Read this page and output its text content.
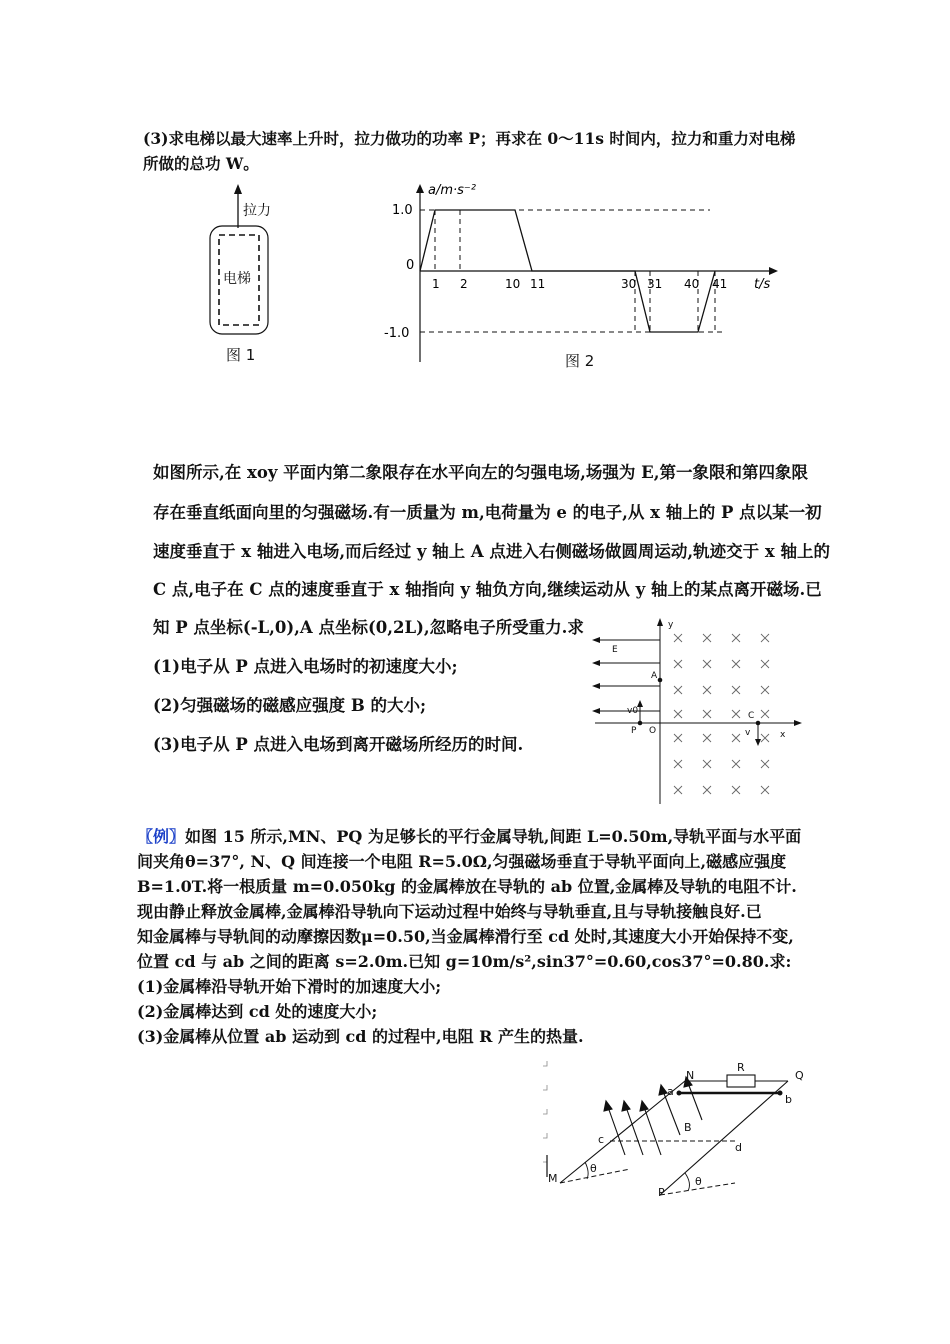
(3)求电梯以最大速率上升时，拉力做功的功率 P；再求在 0～11s 时间内，拉力和重力对电梯
所做的总功 W。
拉力
电梯
图 1
1.0
0
-1.0
1 2	10 11	30 31 40 41
a/m·s⁻²
t/s
图 2
如图所示,在 xoy 平面内第二象限存在水平向左的匀强电场,场强为 E,第一象限和第四象限
存在垂直纸面向里的匀强磁场.有一质量为 m,电荷量为 e 的电子,从 x 轴上的 P 点以某一初
速度垂直于 x 轴进入电场,而后经过 y 轴上 A 点进入右侧磁场做圆周运动,轨迹交于 x 轴上的
C 点,电子在 C 点的速度垂直于 x 轴指向 y 轴负方向,继续运动从 y 轴上的某点离开磁场.已
知 P 点坐标(-L,0),A 点坐标(0,2L),忽略电子所受重力.求
(1)电子从 P 点进入电场时的初速度大小;
(2)匀强磁场的磁感应强度 B 的大小;
(3)电子从 P 点进入电场到离开磁场所经历的时间.
y
x
E
A
C
P O
v0
v
〖例〗如图 15 所示,MN、PQ 为足够长的平行金属导轨,间距 L=0.50m,导轨平面与水平面
间夹角θ=37°, N、Q 间连接一个电阻 R=5.0Ω,匀强磁场垂直于导轨平面向上,磁感应强度
B=1.0T.将一根质量 m=0.050kg 的金属棒放在导轨的 ab 位置,金属棒及导轨的电阻不计.
现由静止释放金属棒,金属棒沿导轨向下运动过程中始终与导轨垂直,且与导轨接触良好.已
知金属棒与导轨间的动摩擦因数μ=0.50,当金属棒滑行至 cd 处时,其速度大小开始保持不变,
位置 cd 与 ab 之间的距离 s=2.0m.已知 g=10m/s²,sin37°=0.60,cos37°=0.80.求:
(1)金属棒沿导轨开始下滑时的加速度大小;
(2)金属棒达到 cd 处的速度大小;
(3)金属棒从位置 ab 运动到 cd 的过程中,电阻 R 产生的热量.
N
R
Q
a
b
B
c
d
M
θ
θ
P
